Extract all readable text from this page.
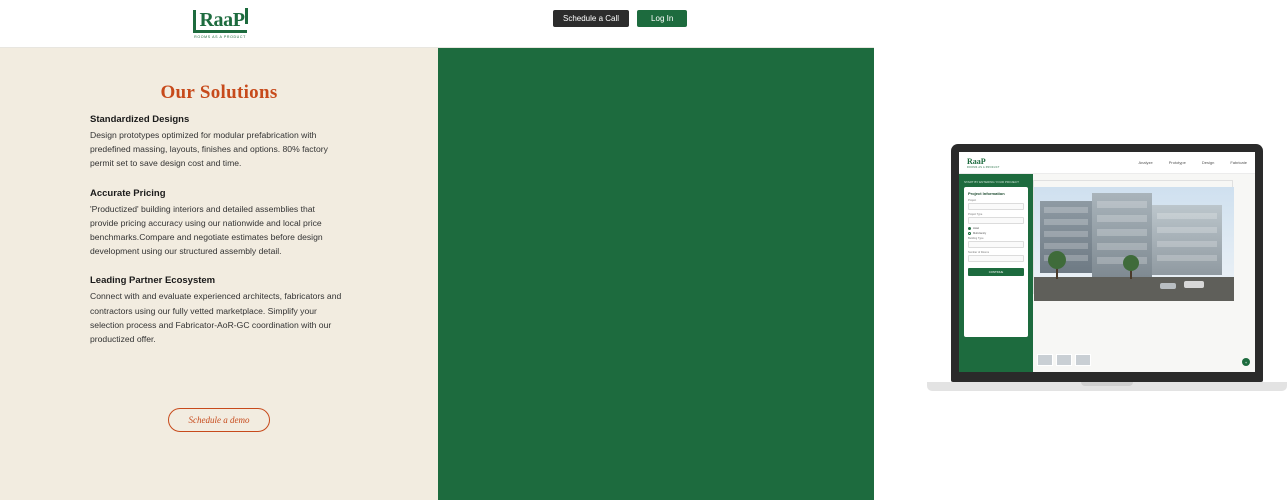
RaaP
ROOMS AS A PRODUCT
Schedule a Call	Log In
Our Solutions
Standardized Designs
Design prototypes optimized for modular prefabrication with predefined massing, layouts, finishes and options. 80% factory permit set to save design cost and time.
Accurate Pricing
'Productized' building interiors and detailed assemblies that provide pricing accuracy using our nationwide and local price benchmarks.Compare and negotiate estimates before design development using our structured assembly detail.
Leading Partner Ecosystem
Connect with and evaluate experienced architects, fabricators and contractors using our fully vetted marketplace. Simplify your selection process and Fabricator-AoR-GC coordination with our productized offer.
Schedule a demo
RaaP
ROOMS AS A PRODUCT
Analyze	Prototype	Design	Fabricate
START BY ENTERING YOUR PROJECT
Project Information
Project
Project Type
Hotel
Multi-family
Building Type
Number of Rooms
CONTINUE
+
